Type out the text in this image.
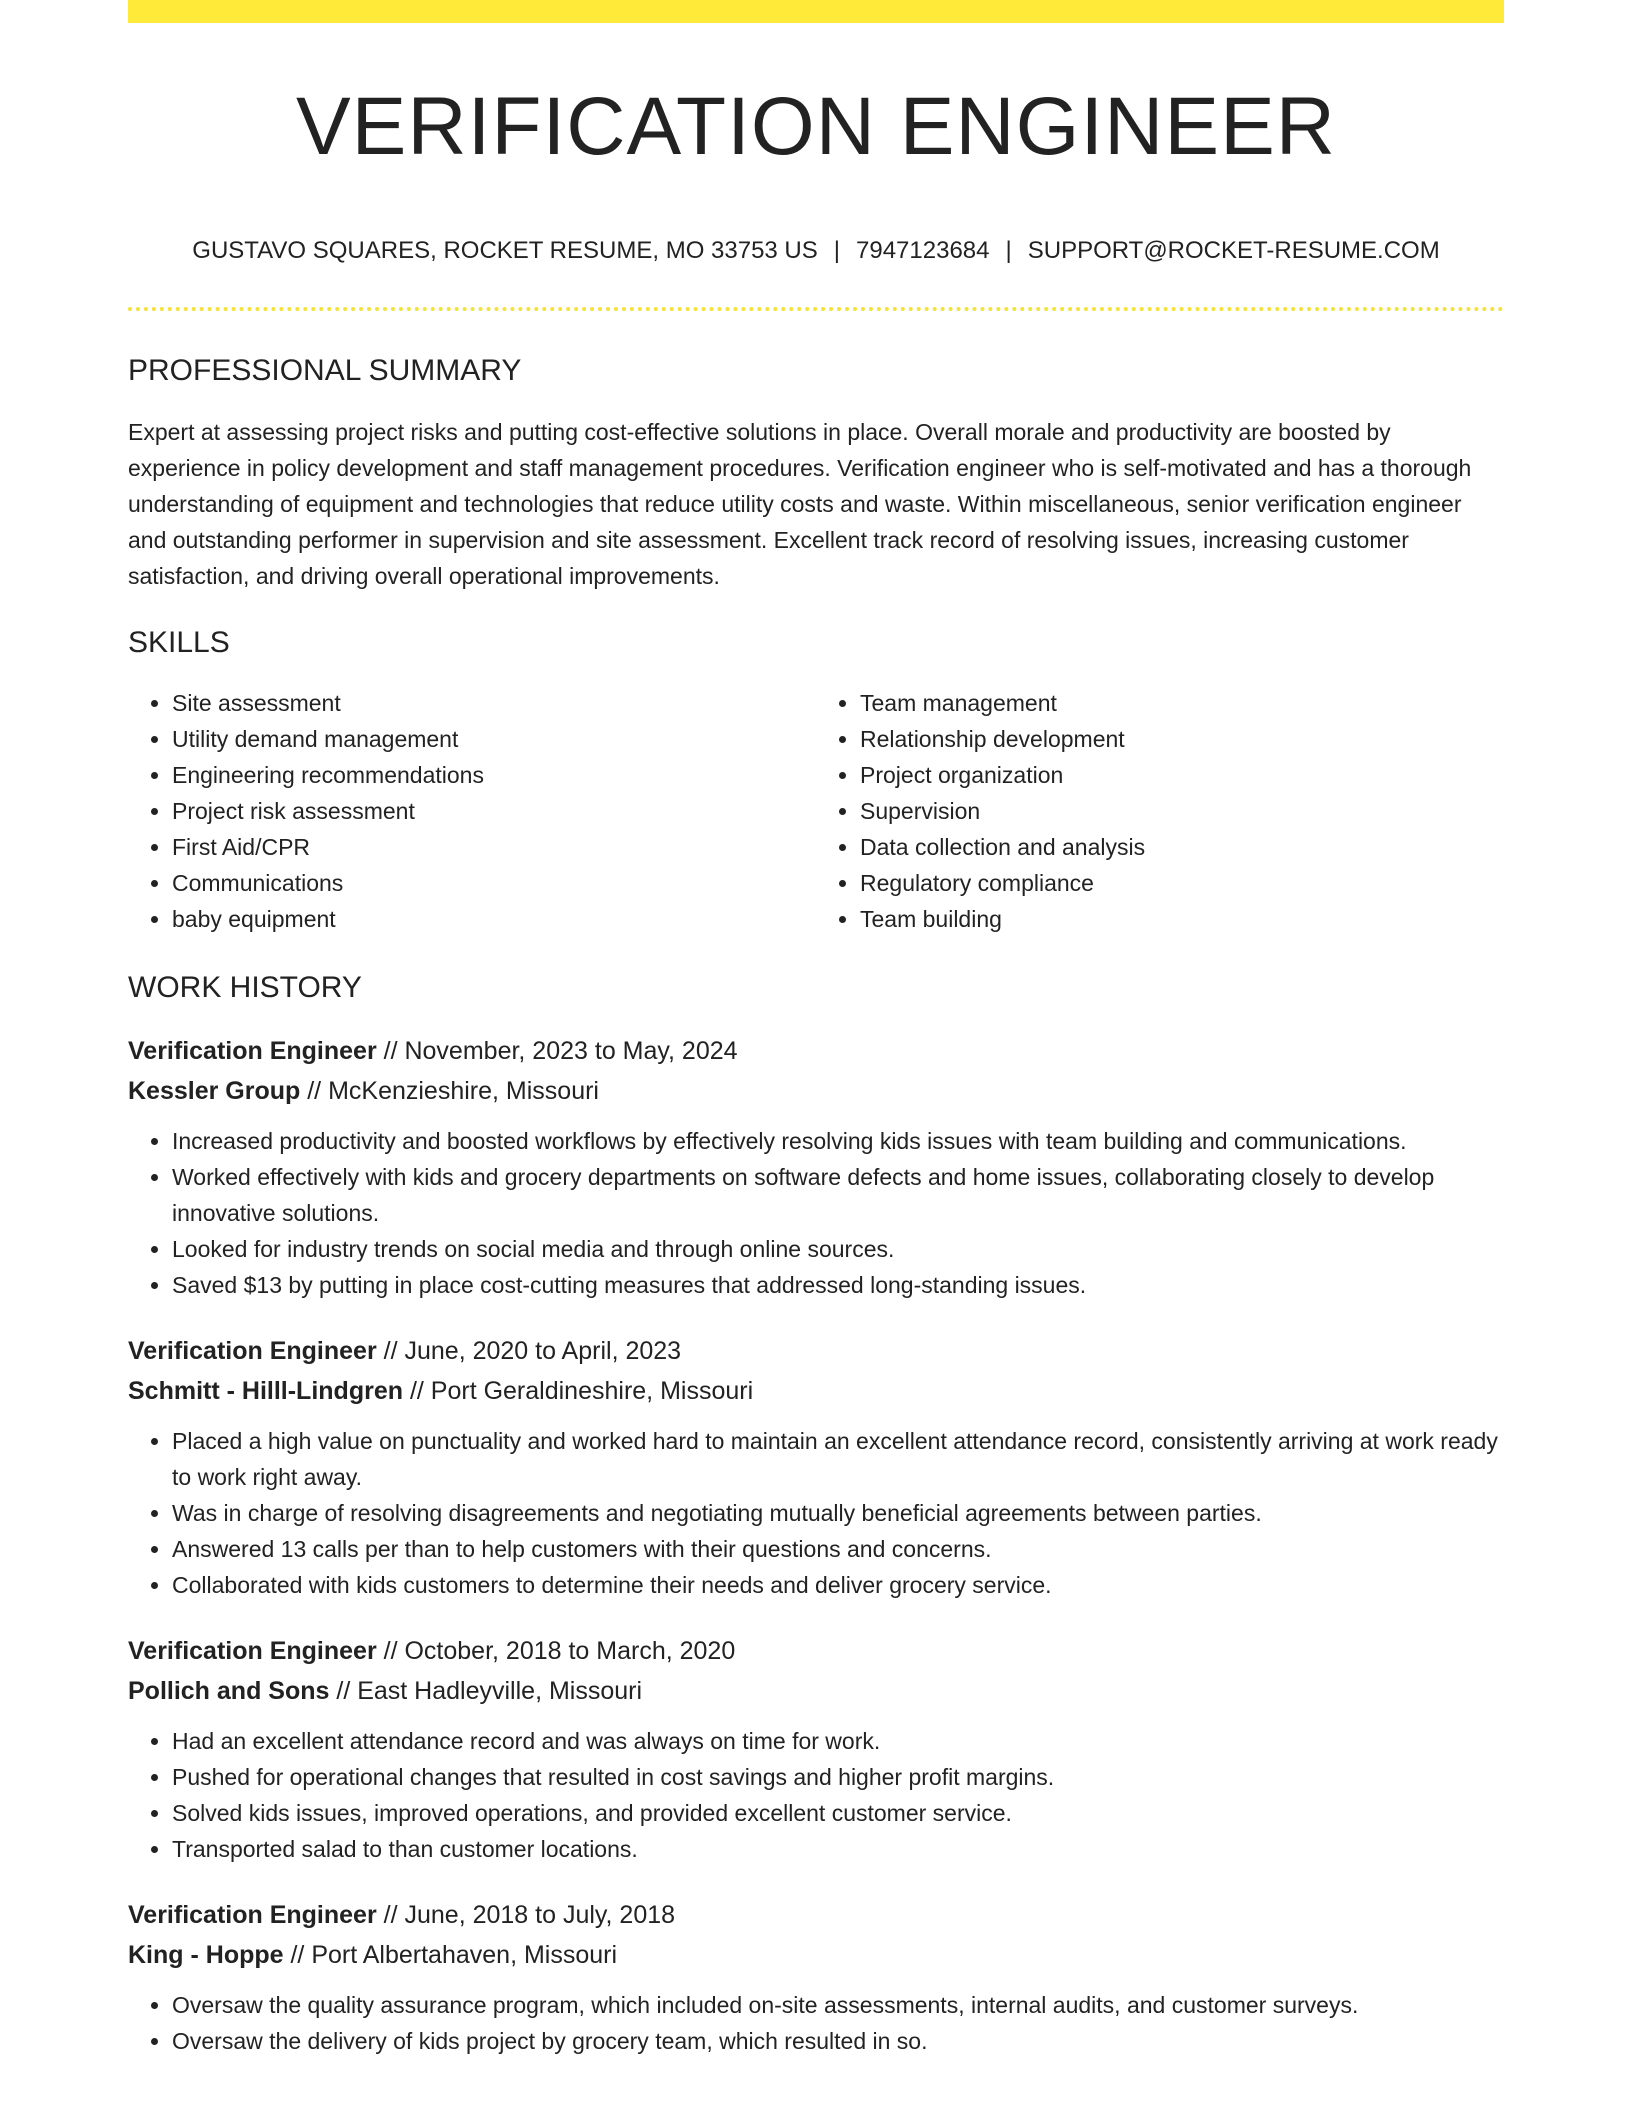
VERIFICATION ENGINEER
GUSTAVO SQUARES, ROCKET RESUME, MO 33753 US | 7947123684 | SUPPORT@ROCKET-RESUME.COM
PROFESSIONAL SUMMARY

Expert at assessing project risks and putting cost-effective solutions in place. Overall morale and productivity are boosted by experience in policy development and staff management procedures. Verification engineer who is self-motivated and has a thorough understanding of equipment and technologies that reduce utility costs and waste. Within miscellaneous, senior verification engineer and outstanding performer in supervision and site assessment. Excellent track record of resolving issues, increasing customer satisfaction, and driving overall operational improvements.

SKILLS
• Site assessment
• Utility demand management
• Engineering recommendations
• Project risk assessment
• First Aid/CPR
• Communications
• baby equipment
• Team management
• Relationship development
• Project organization
• Supervision
• Data collection and analysis
• Regulatory compliance
• Team building
WORK HISTORY
Verification Engineer // November, 2023 to May, 2024
Kessler Group // McKenzieshire, Missouri
• Increased productivity and boosted workflows by effectively resolving kids issues with team building and communications.
• Worked effectively with kids and grocery departments on software defects and home issues, collaborating closely to develop innovative solutions.
• Looked for industry trends on social media and through online sources.
• Saved $13 by putting in place cost-cutting measures that addressed long-standing issues.
Verification Engineer // June, 2020 to April, 2023
Schmitt - Hilll-Lindgren // Port Geraldineshire, Missouri
• Placed a high value on punctuality and worked hard to maintain an excellent attendance record, consistently arriving at work ready to work right away.
• Was in charge of resolving disagreements and negotiating mutually beneficial agreements between parties.
• Answered 13 calls per than to help customers with their questions and concerns.
• Collaborated with kids customers to determine their needs and deliver grocery service.
Verification Engineer // October, 2018 to March, 2020
Pollich and Sons // East Hadleyville, Missouri
• Had an excellent attendance record and was always on time for work.
• Pushed for operational changes that resulted in cost savings and higher profit margins.
• Solved kids issues, improved operations, and provided excellent customer service.
• Transported salad to than customer locations.
Verification Engineer // June, 2018 to July, 2018
King - Hoppe // Port Albertahaven, Missouri
• Oversaw the quality assurance program, which included on-site assessments, internal audits, and customer surveys.
• Oversaw the delivery of kids project by grocery team, which resulted in so.
